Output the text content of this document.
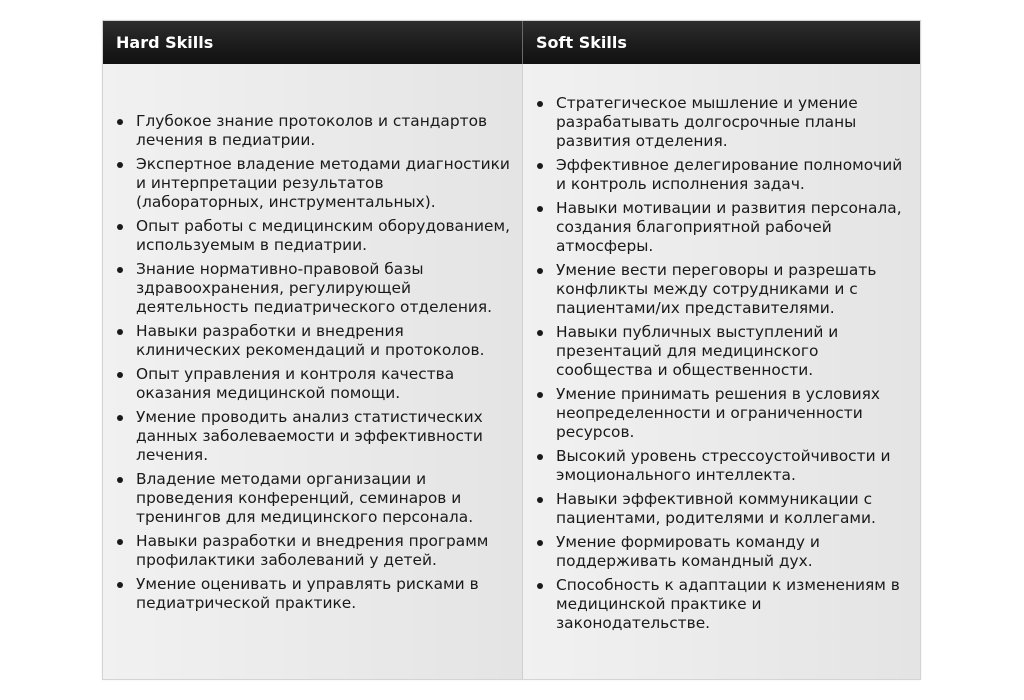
Hard Skills	Soft Skills
Глубокое знание протоколов и стандартов лечения в педиатрии.
Экспертное владение методами диагностики и интерпретации результатов (лабораторных, инструментальных).
Опыт работы с медицинским оборудованием, используемым в педиатрии.
Знание нормативно-правовой базы здравоохранения, регулирующей деятельность педиатрического отделения.
Навыки разработки и внедрения клинических рекомендаций и протоколов.
Опыт управления и контроля качества оказания медицинской помощи.
Умение проводить анализ статистических данных заболеваемости и эффективности лечения.
Владение методами организации и проведения конференций, семинаров и тренингов для медицинского персонала.
Навыки разработки и внедрения программ профилактики заболеваний у детей.
Умение оценивать и управлять рисками в педиатрической практике.
Стратегическое мышление и умение разрабатывать долгосрочные планы развития отделения.
Эффективное делегирование полномочий и контроль исполнения задач.
Навыки мотивации и развития персонала, создания благоприятной рабочей атмосферы.
Умение вести переговоры и разрешать конфликты между сотрудниками и с пациентами/их представителями.
Навыки публичных выступлений и презентаций для медицинского сообщества и общественности.
Умение принимать решения в условиях неопределенности и ограниченности ресурсов.
Высокий уровень стрессоустойчивости и эмоционального интеллекта.
Навыки эффективной коммуникации с пациентами, родителями и коллегами.
Умение формировать команду и поддерживать командный дух.
Способность к адаптации к изменениям в медицинской практике и законодательстве.
